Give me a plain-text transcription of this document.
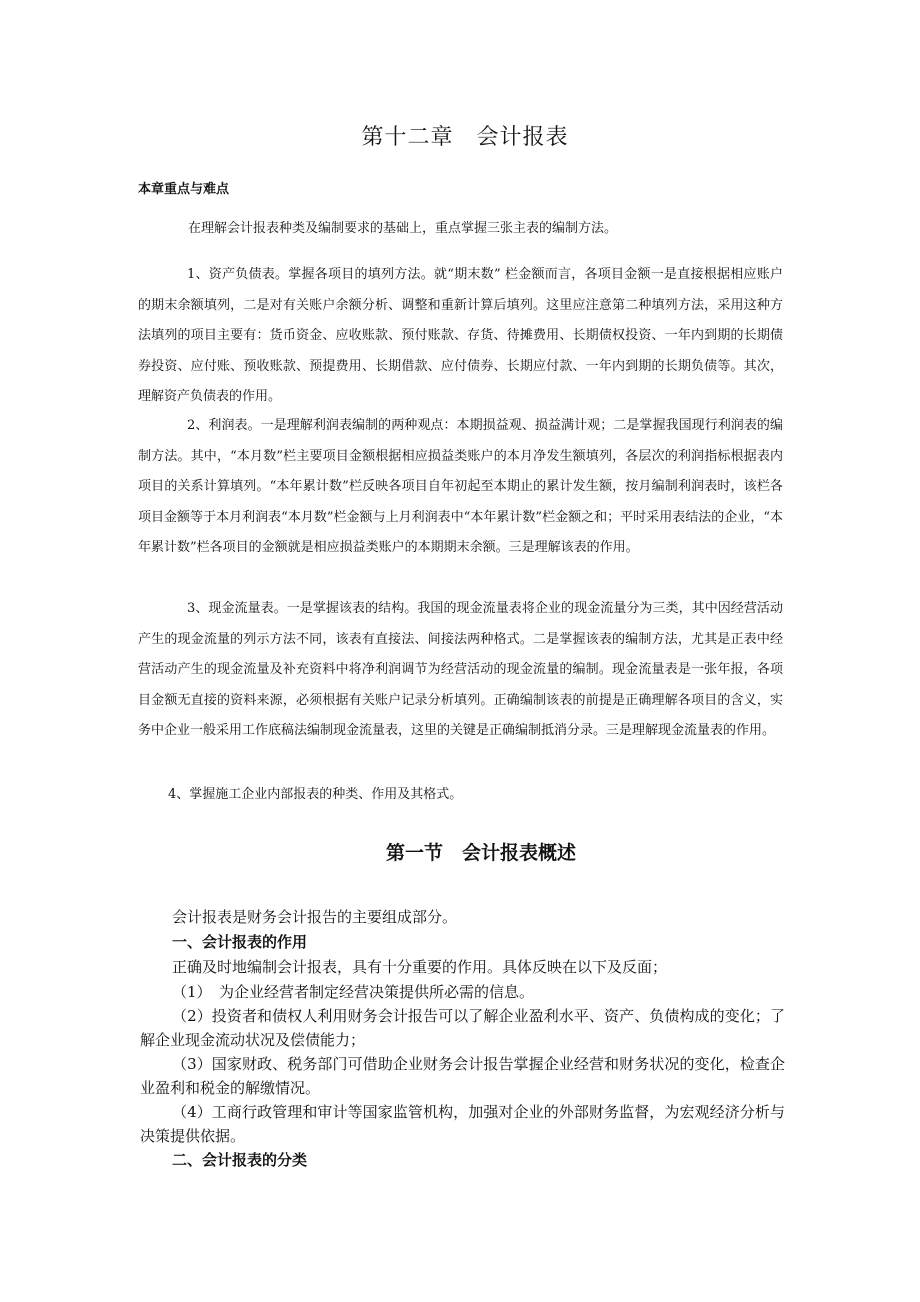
第十二章　会计报表

本章重点与难点

在理解会计报表种类及编制要求的基础上，重点掌握三张主表的编制方法。

1、资产负债表。掌握各项目的填列方法。就“期末数” 栏金额而言，各项目金额一是直接根据相应账户的期末余额填列，二是对有关账户余额分析、调整和重新计算后填列。这里应注意第二种填列方法，采用这种方法填列的项目主要有：货币资金、应收账款、预付账款、存货、待摊费用、长期债权投资、一年内到期的长期债券投资、应付账、预收账款、预提费用、长期借款、应付债券、长期应付款、一年内到期的长期负债等。其次，理解资产负债表的作用。

2、利润表。一是理解利润表编制的两种观点：本期损益观、损益满计观；二是掌握我国现行利润表的编制方法。其中，“本月数”栏主要项目金额根据相应损益类账户的本月净发生额填列，各层次的利润指标根据表内项目的关系计算填列。“本年累计数”栏反映各项目自年初起至本期止的累计发生额，按月编制利润表时，该栏各项目金额等于本月利润表“本月数”栏金额与上月利润表中“本年累计数”栏金额之和；平时采用表结法的企业，“本年累计数”栏各项目的金额就是相应损益类账户的本期期末余额。三是理解该表的作用。

3、现金流量表。一是掌握该表的结构。我国的现金流量表将企业的现金流量分为三类，其中因经营活动产生的现金流量的列示方法不同，该表有直接法、间接法两种格式。二是掌握该表的编制方法，尤其是正表中经营活动产生的现金流量及补充资料中将净利润调节为经营活动的现金流量的编制。现金流量表是一张年报，各项目金额无直接的资料来源，必须根据有关账户记录分析填列。正确编制该表的前提是正确理解各项目的含义，实务中企业一般采用工作底稿法编制现金流量表，这里的关键是正确编制抵消分录。三是理解现金流量表的作用。

4、掌握施工企业内部报表的种类、作用及其格式。

第一节　会计报表概述

会计报表是财务会计报告的主要组成部分。

一、会计报表的作用

正确及时地编制会计报表，具有十分重要的作用。具体反映在以下及反面；

（1）　为企业经营者制定经营决策提供所必需的信息。

（2）投资者和债权人利用财务会计报告可以了解企业盈利水平、资产、负债构成的变化；了解企业现金流动状况及偿债能力；

（3）国家财政、税务部门可借助企业财务会计报告掌握企业经营和财务状况的变化，检查企业盈利和税金的解缴情况。

（4）工商行政管理和审计等国家监管机构，加强对企业的外部财务监督，为宏观经济分析与决策提供依据。

二、会计报表的分类
